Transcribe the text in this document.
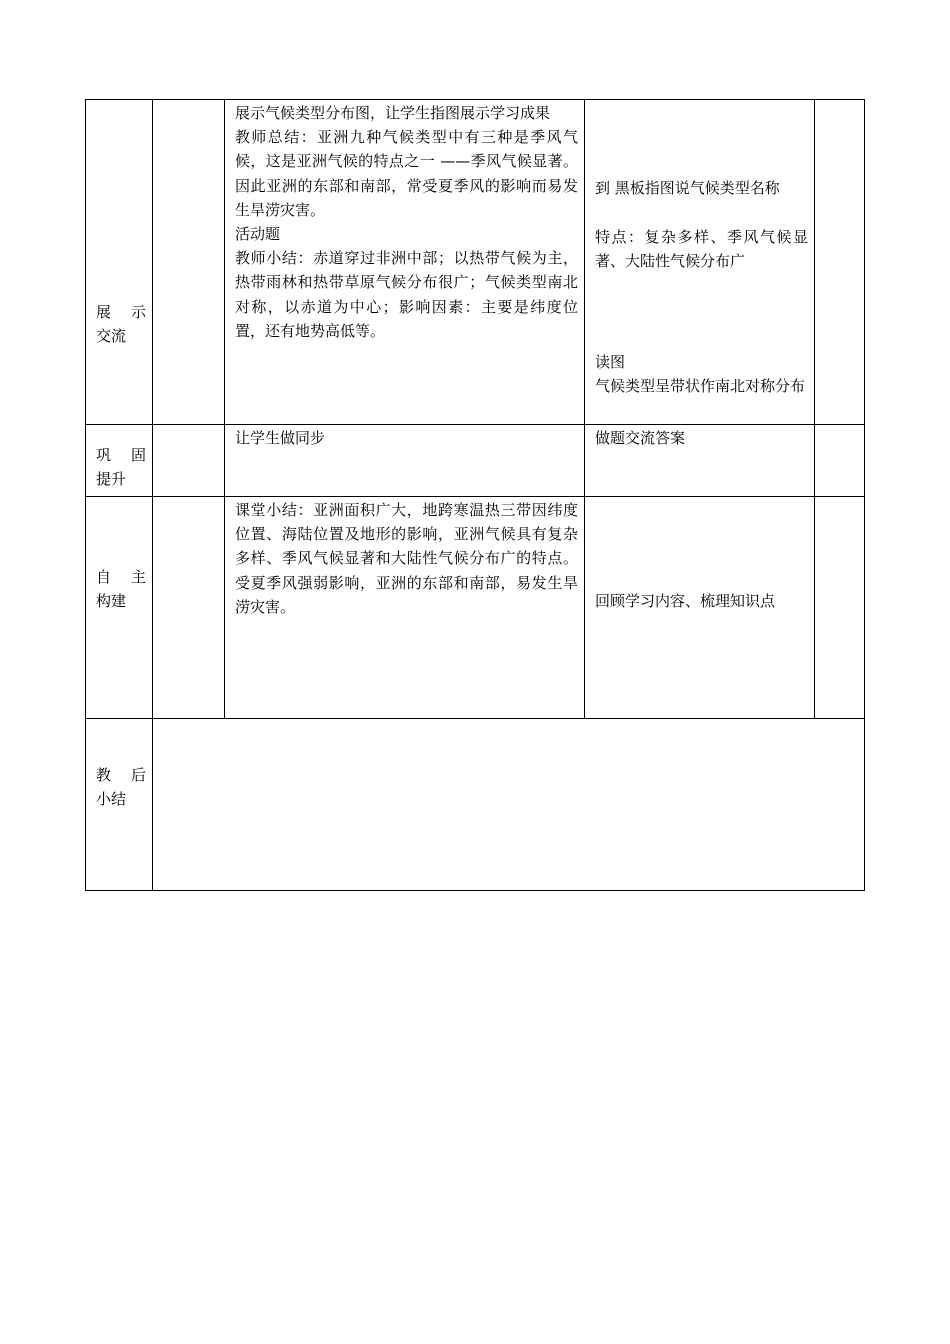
展 示
交流

展示气候类型分布图，让学生指图展示学习成果

教师总结：亚洲九种气候类型中有三种是季风气候，这是亚洲气候的特点之一 ——季风气候显著。因此亚洲的东部和南部，常受夏季风的影响而易发生旱涝灾害。

活动题

教师小结：赤道穿过非洲中部；以热带气候为主，热带雨林和热带草原气候分布很广；气候类型南北对称，以赤道为中心；影响因素：主要是纬度位置，还有地势高低等。

到 黑板指图说气候类型名称
特点：复杂多样、季风气候显著、大陆性气候分布广
读图
气候类型呈带状作南北对称分布
巩 固
提升
让学生做同步	做题交流答案
自 主
构建
课堂小结：亚洲面积广大，地跨寒温热三带因纬度位置、海陆位置及地形的影响，亚洲气候具有复杂多样、季风气候显著和大陆性气候分布广的特点。受夏季风强弱影响，亚洲的东部和南部，易发生旱涝灾害。	回顾学习内容、梳理知识点
教 后
小结
